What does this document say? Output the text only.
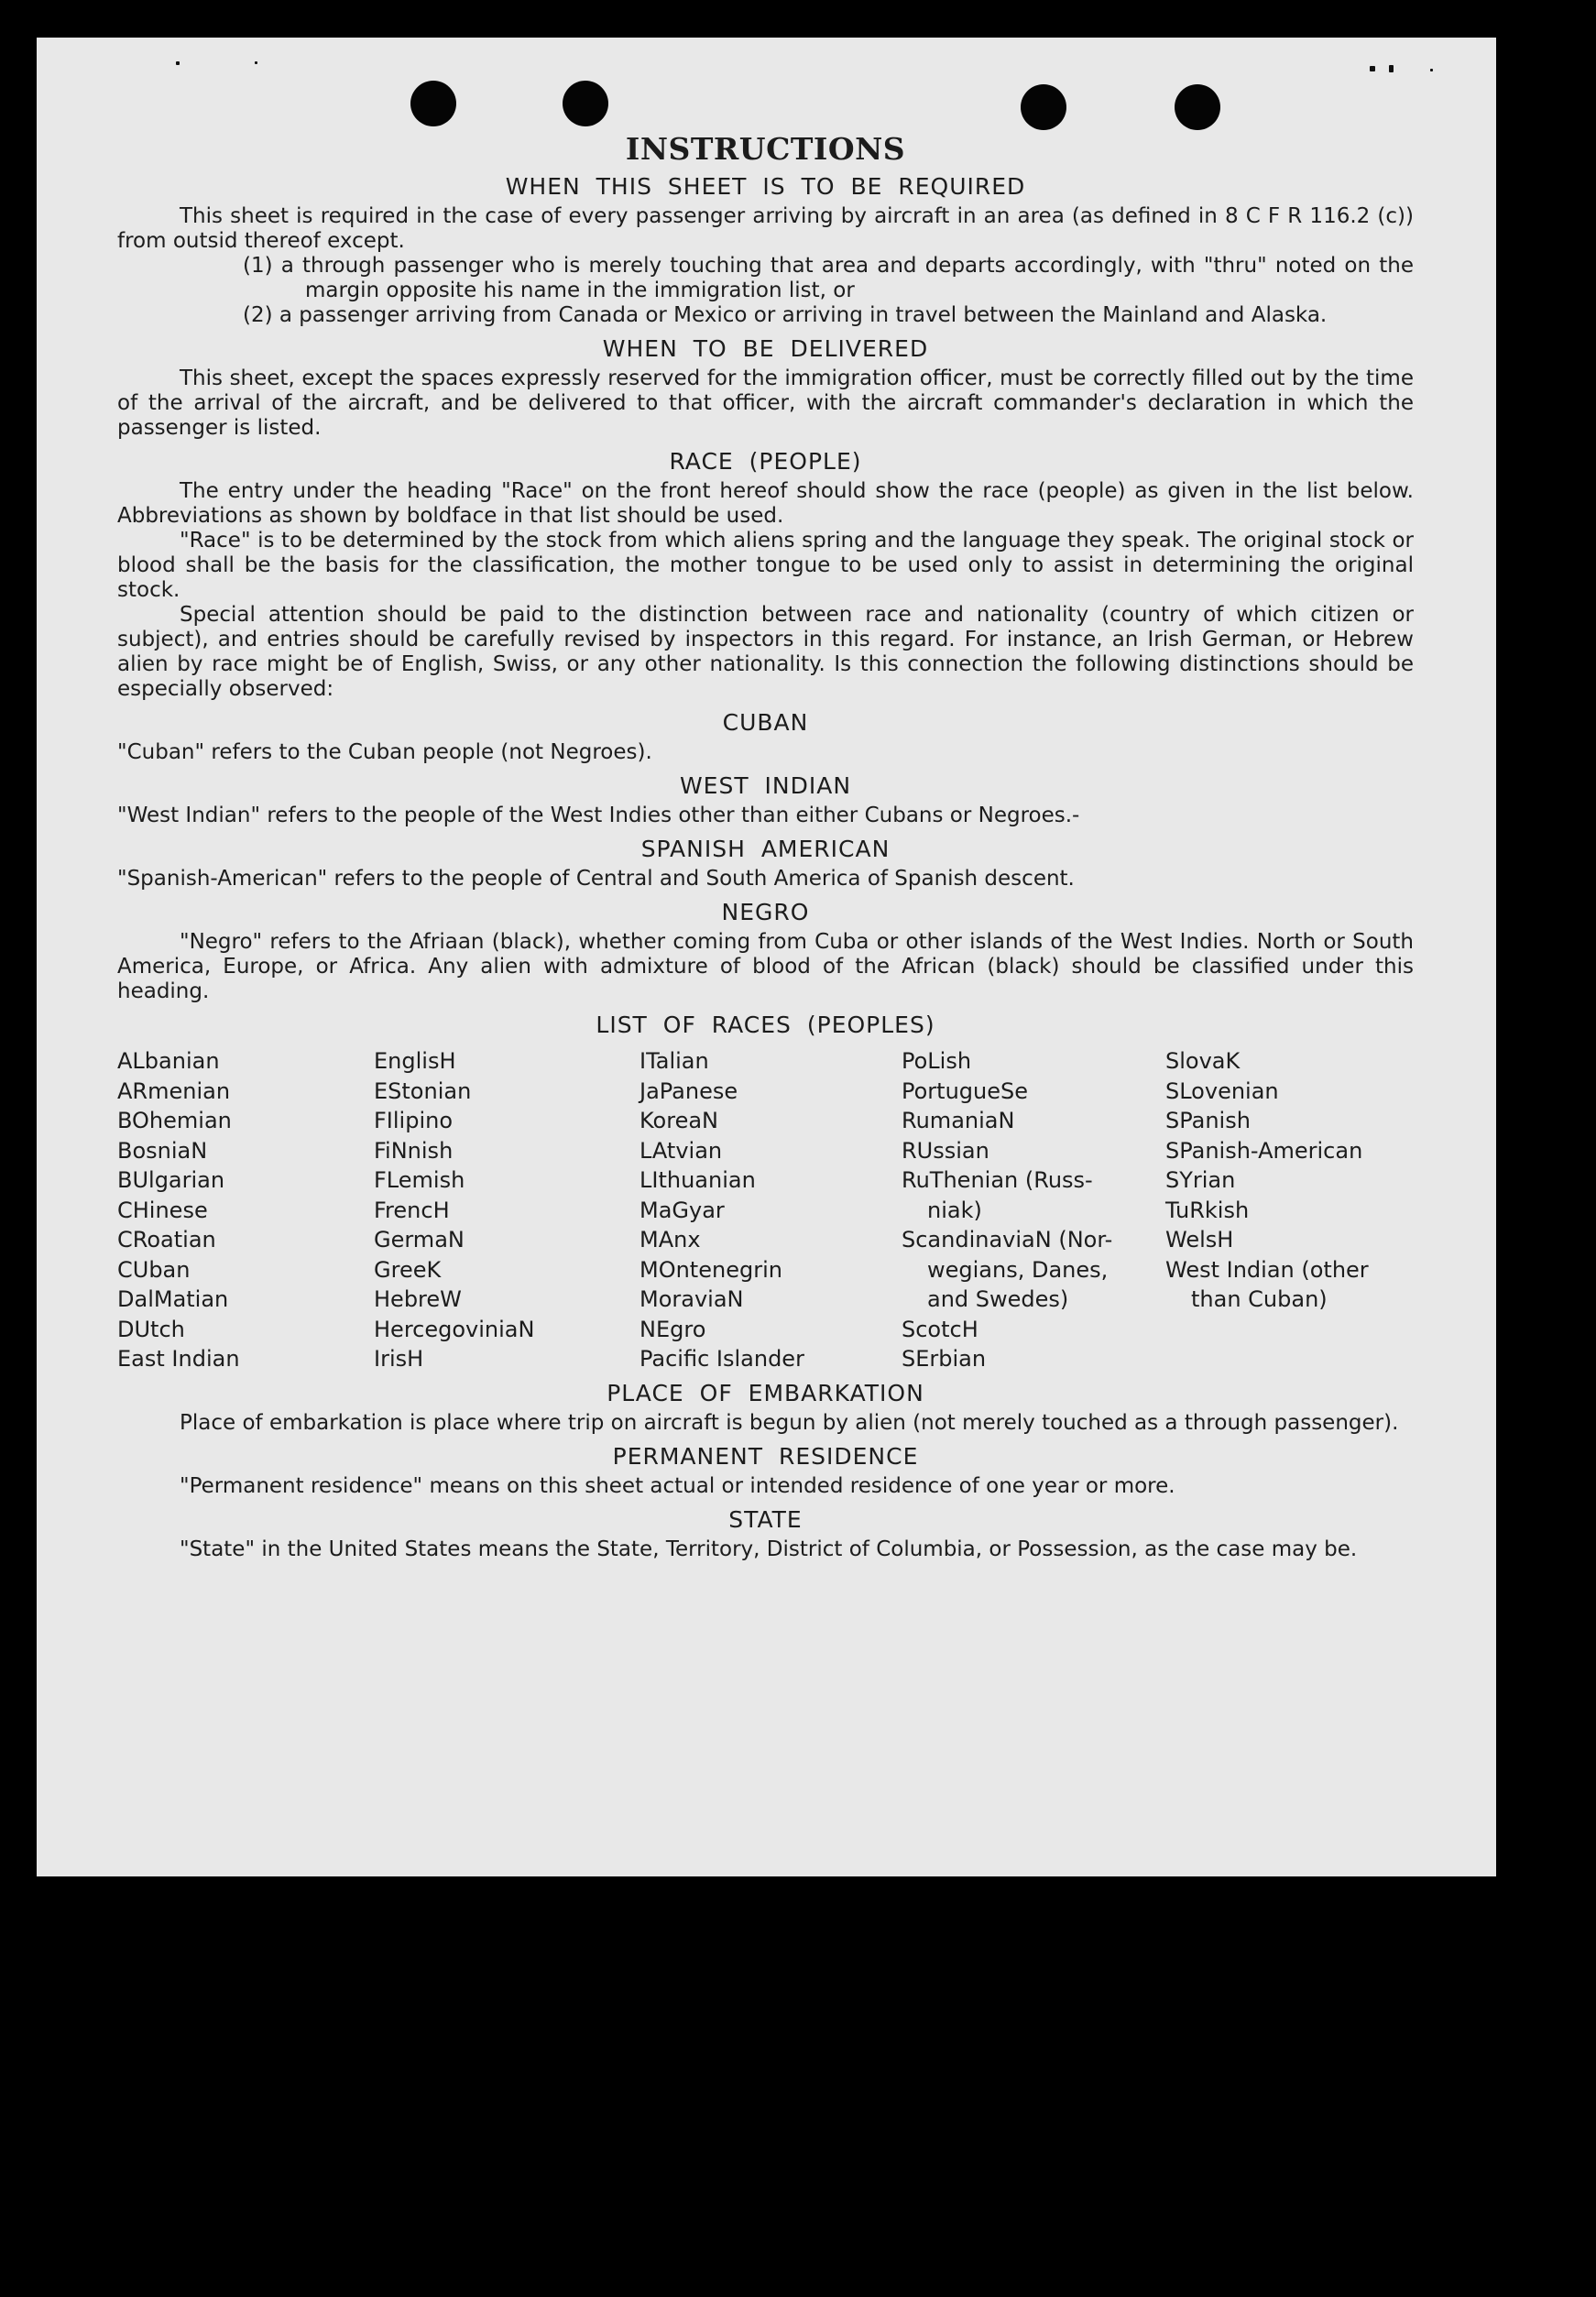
INSTRUCTIONS
WHEN THIS SHEET IS TO BE REQUIRED

This sheet is required in the case of every passenger arriving by aircraft in an area (as defined in 8 C F R 116.2 (c)) from outsid thereof except.

(1) a through passenger who is merely touching that area and departs accordingly, with "thru" noted on the margin opposite his name in the immigration list, or

(2) a passenger arriving from Canada or Mexico or arriving in travel between the Mainland and Alaska.

WHEN TO BE DELIVERED

This sheet, except the spaces expressly reserved for the immigration officer, must be correctly filled out by the time of the arrival of the aircraft, and be delivered to that officer, with the aircraft commander's declaration in which the passenger is listed.

RACE (PEOPLE)

The entry under the heading "Race" on the front hereof should show the race (people) as given in the list below. Abbreviations as shown by boldface in that list should be used.

"Race" is to be determined by the stock from which aliens spring and the language they speak. The original stock or blood shall be the basis for the classification, the mother tongue to be used only to assist in determining the original stock.

Special attention should be paid to the distinction between race and nationality (country of which citizen or subject), and entries should be carefully revised by inspectors in this regard. For instance, an Irish German, or Hebrew alien by race might be of English, Swiss, or any other nationality. Is this connection the following distinctions should be especially observed:

CUBAN

"Cuban" refers to the Cuban people (not Negroes).

WEST INDIAN

"West Indian" refers to the people of the West Indies other than either Cubans or Negroes.-

SPANISH AMERICAN

"Spanish-American" refers to the people of Central and South America of Spanish descent.

NEGRO

"Negro" refers to the Afriaan (black), whether coming from Cuba or other islands of the West Indies. North or South America, Europe, or Africa. Any alien with admixture of blood of the African (black) should be classified under this heading.

LIST OF RACES (PEOPLES)
ALbanian
ARmenian
BOhemian
BosniaN
BUlgarian
CHinese
CRoatian
CUban
DalMatian
DUtch
East Indian
EnglisH
EStonian
FIlipino
FiNnish
FLemish
FrencH
GermaN
GreeK
HebreW
HercegoviniaN
IrisH
ITalian
JaPanese
KoreaN
LAtvian
LIthuanian
MaGyar
MAnx
MOntenegrin
MoraviaN
NEgro
Pacific Islander
PoLish
PortugueSe
RumaniaN
RUssian
RuThenian (Russ-
niak)
ScandinaviaN (Nor-
wegians, Danes,
and Swedes)
ScotcH
SErbian
SlovaK
SLovenian
SPanish
SPanish-American
SYrian
TuRkish
WelsH
West Indian (other
than Cuban)
PLACE OF EMBARKATION

Place of embarkation is place where trip on aircraft is begun by alien (not merely touched as a through passenger).

PERMANENT RESIDENCE

"Permanent residence" means on this sheet actual or intended residence of one year or more.

STATE

"State" in the United States means the State, Territory, District of Columbia, or Possession, as the case may be.
